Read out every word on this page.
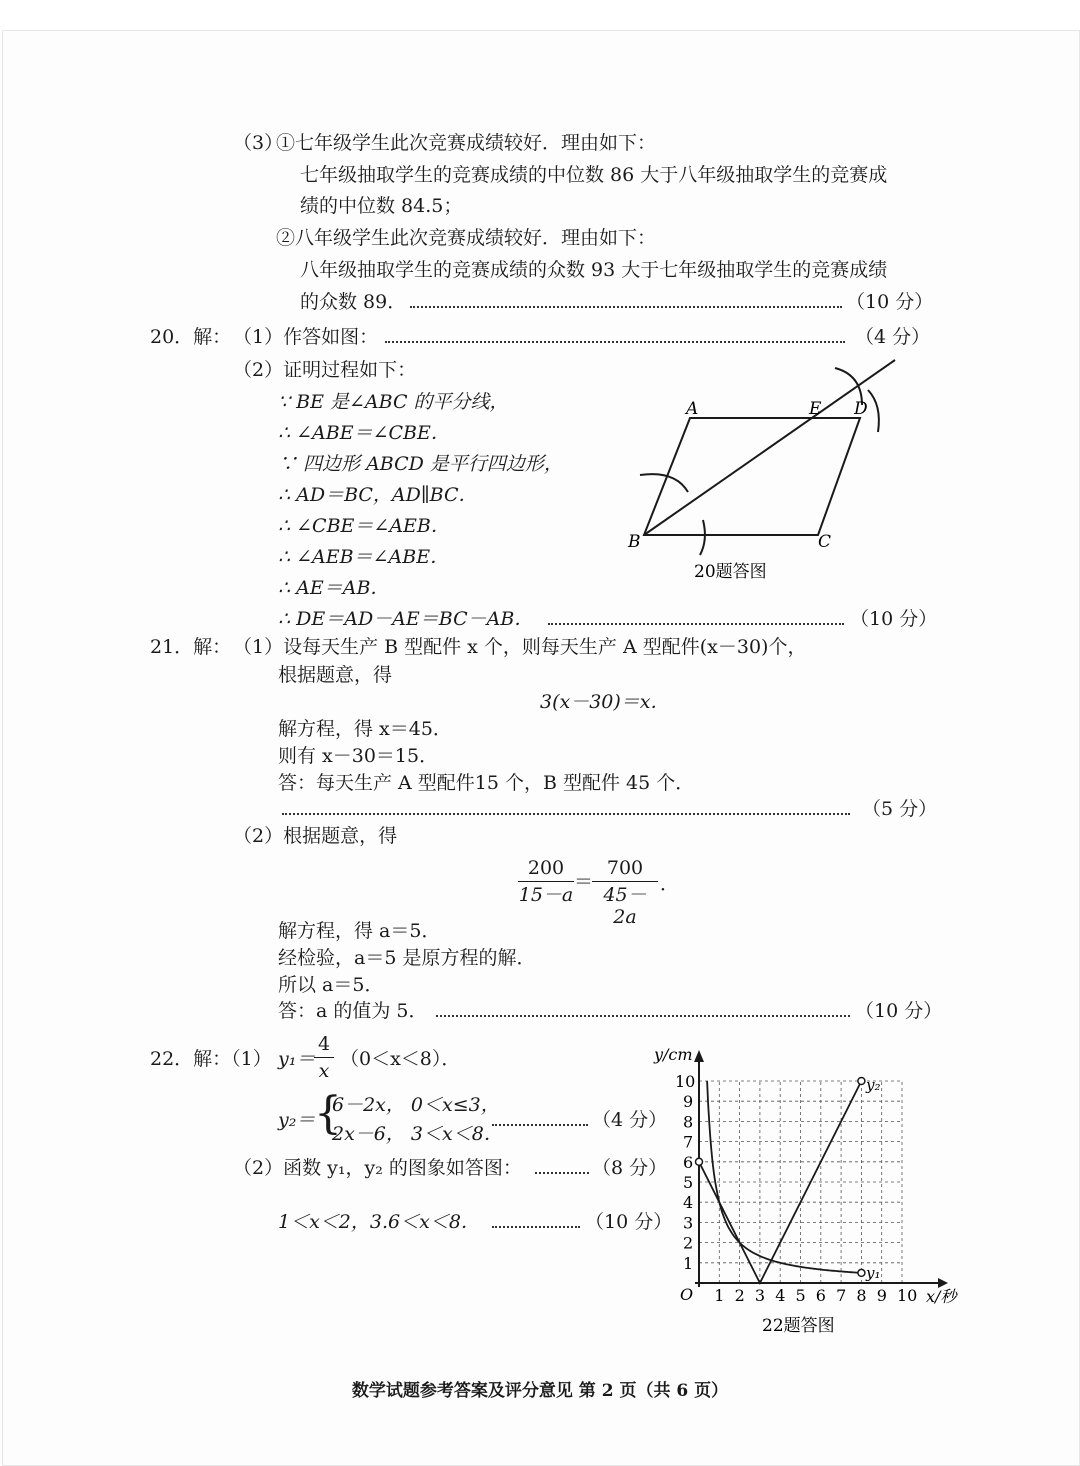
（3）
①七年级学生此次竞赛成绩较好．理由如下：
七年级抽取学生的竞赛成绩的中位数 86 大于八年级抽取学生的竞赛成
绩的中位数 84.5；
②八年级学生此次竞赛成绩较好．理由如下：
八年级抽取学生的竞赛成绩的众数 93 大于七年级抽取学生的竞赛成绩
的众数 89．	（10 分）
20．解： （1）作答如图：	（4 分）
（2）证明过程如下：
∵ BE 是∠ABC 的平分线，
∴ ∠ABE＝∠CBE．
∵ 四边形 ABCD 是平行四边形，
∴ AD＝BC，AD∥BC．
∴ ∠CBE＝∠AEB．
∴ ∠AEB＝∠ABE．
∴ AE＝AB．
∴ DE＝AD－AE＝BC－AB．	（10 分）
A	E D
B	C
20题答图
21．解： （1）设每天生产 B 型配件 x 个，则每天生产 A 型配件(x－30)个，
根据题意，得
3(x－30)＝x．
解方程，得 x＝45．
则有 x－30＝15．
答：每天生产 A 型配件15 个，B 型配件 45 个．
（5 分）
（2）根据题意，得
200
15－a
＝
700
45－2a
．
解方程，得 a＝5．
经检验，a＝5 是原方程的解．
所以 a＝5．
答：a 的值为 5．	（10 分）
22．解：（1） y₁＝
4
x
（0＜x＜8）．
y₂＝
{
6－2x， 0＜x≤3，
2x－6， 3＜x＜8．
（4 分）
（2）函数 y₁，y₂ 的图象如答图：	（8 分）
1＜x＜2，3.6＜x＜8．	（10 分）
1 2 3 4 5 6 7 8 9 10
1
2
3
4
5
6
7
8
9
10
y/cm
x/秒
O
y₁
y₂
22题答图
数学试题参考答案及评分意见 第 2 页（共 6 页）
